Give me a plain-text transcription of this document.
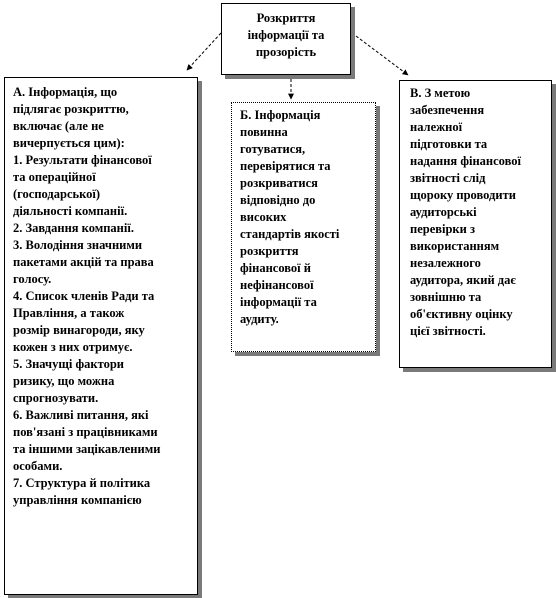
Розкриття
інформації та
прозорість
А. Інформація, що
підлягає розкриттю,
включає (але не
вичерпується цим):
1. Результати фінансової
та операційної
(господарської)
діяльності компанії.
2. Завдання компанії.
3. Володіння значними
пакетами акцій та права
голосу.
4. Список членів Ради та
Правління, а також
розмір винагороди, яку
кожен з них отримує.
5. Значущі фактори
ризику, що можна
спрогнозувати.
6. Важливі питання, які
пов'язані з працівниками
та іншими зацікавленими
особами.
7. Структура й політика
управління компанією
Б. Інформація
повинна
готуватися,
перевірятися та
розкриватися
відповідно до
високих
стандартів якості
розкриття
фінансової й
нефінансової
інформації та
аудиту.
В. З метою
забезпечення
належної
підготовки та
надання фінансової
звітності слід
щороку проводити
аудиторські
перевірки з
використанням
незалежного
аудитора, який дає
зовнішню та
об'єктивну оцінку
цієї звітності.
